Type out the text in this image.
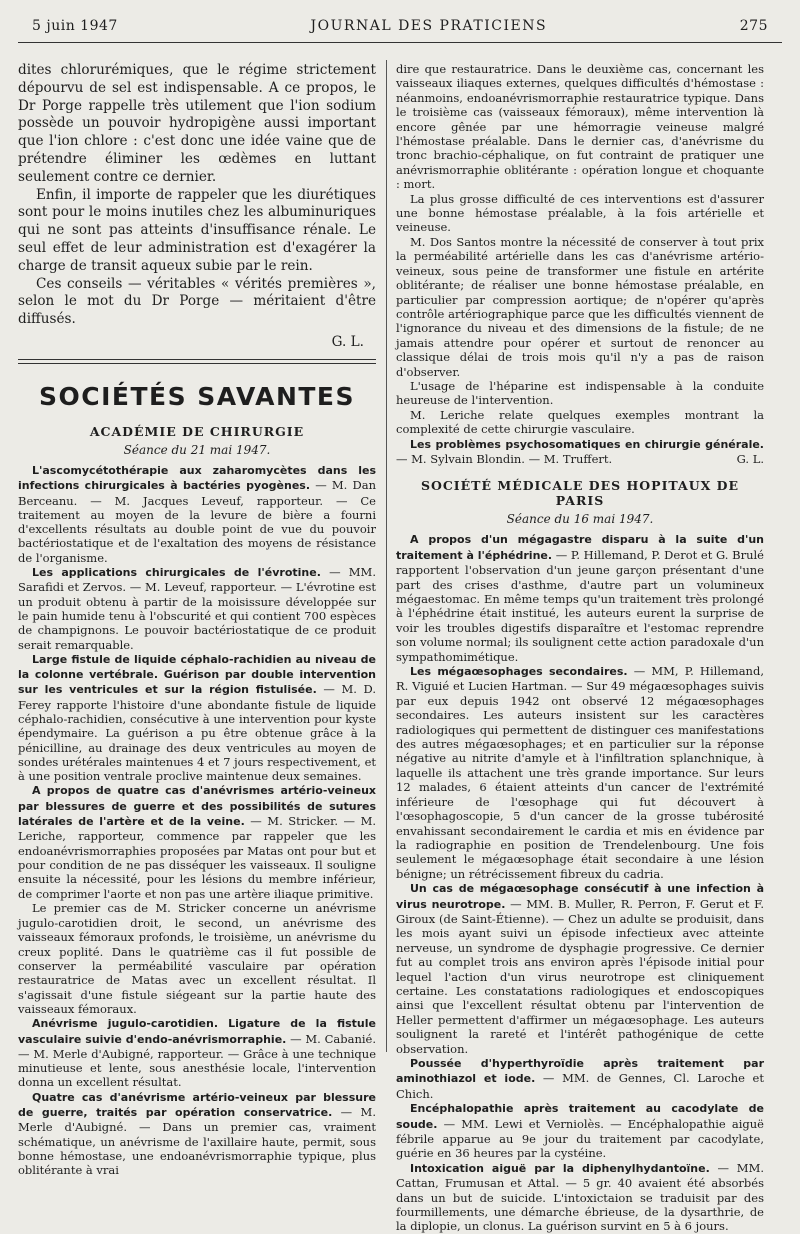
5 juin 1947	JOURNAL DES PRATICIENS	275

dites chlorurémiques, que le régime strictement dépourvu de sel est indispensable. A ce propos, le Dr Porge rappelle très utilement que l'ion sodium possède un pouvoir hydropigène aussi important que l'ion chlore : c'est donc une idée vaine que de prétendre éliminer les œdèmes en luttant seulement contre ce dernier.

Enfin, il importe de rappeler que les diurétiques sont pour le moins inutiles chez les albuminuriques qui ne sont pas atteints d'insuffisance rénale. Le seul effet de leur administration est d'exagérer la charge de transit aqueux subie par le rein.

Ces conseils — véritables « vérités premières », selon le mot du Dr Porge — méritaient d'être diffusés.

G. L.
SOCIÉTÉS SAVANTES
ACADÉMIE DE CHIRURGIE
Séance du 21 mai 1947.

L'ascomycétothérapie aux zaharomycètes dans les infections chirurgicales à bactéries pyogènes. — M. Dan Berceanu. — M. Jacques Leveuf, rapporteur. — Ce traitement au moyen de la levure de bière a fourni d'excellents résultats au double point de vue du pouvoir bactériostatique et de l'exaltation des moyens de résistance de l'organisme.

Les applications chirurgicales de l'évrotine. — MM. Sarafidi et Zervos. — M. Leveuf, rapporteur. — L'évrotine est un produit obtenu à partir de la moisissure développée sur le pain humide tenu à l'obscurité et qui contient 700 espèces de champignons. Le pouvoir bactériostatique de ce produit serait remarquable.

Large fistule de liquide céphalo-rachidien au niveau de la colonne vertébrale. Guérison par double intervention sur les ventricules et sur la région fistulisée. — M. D. Ferey rapporte l'histoire d'une abondante fistule de liquide céphalo-rachidien, consécutive à une intervention pour kyste épendymaire. La guérison a pu être obtenue grâce à la pénicilline, au drainage des deux ventricules au moyen de sondes urétérales maintenues 4 et 7 jours respectivement, et à une position ventrale proclive maintenue deux semaines.

A propos de quatre cas d'anévrismes artério-veineux par blessures de guerre et des possibilités de sutures latérales de l'artère et de la veine. — M. Stricker. — M. Leriche, rapporteur, commence par rappeler que les endoanévrismorraphies proposées par Matas ont pour but et pour condition de ne pas disséquer les vaisseaux. Il souligne ensuite la nécessité, pour les lésions du membre inférieur, de comprimer l'aorte et non pas une artère iliaque primitive.

Le premier cas de M. Stricker concerne un anévrisme jugulo-carotidien droit, le second, un anévrisme des vaisseaux fémoraux profonds, le troisième, un anévrisme du creux poplité. Dans le quatrième cas il fut possible de conserver la perméabilité vasculaire par opération restauratrice de Matas avec un excellent résultat. Il s'agissait d'une fistule siégeant sur la partie haute des vaisseaux fémoraux.

Anévrisme jugulo-carotidien. Ligature de la fistule vasculaire suivie d'endo-anévrismorraphie. — M. Cabanié. — M. Merle d'Aubigné, rapporteur. — Grâce à une technique minutieuse et lente, sous anesthésie locale, l'intervention donna un excellent résultat.

Quatre cas d'anévrisme artério-veineux par blessure de guerre, traités par opération conservatrice. — M. Merle d'Aubigné. — Dans un premier cas, vraiment schématique, un anévrisme de l'axillaire haute, permit, sous bonne hémostase, une endoanévrismorraphie typique, plus oblitérante à vrai

dire que restauratrice. Dans le deuxième cas, concernant les vaisseaux iliaques externes, quelques difficultés d'hémostase : néanmoins, endoanévrismorraphie restauratrice typique. Dans le troisième cas (vaisseaux fémoraux), même intervention là encore gênée par une hémorragie veineuse malgré l'hémostase préalable. Dans le dernier cas, d'anévrisme du tronc brachio-céphalique, on fut contraint de pratiquer une anévrismorraphie oblitérante : opération longue et choquante : mort.

La plus grosse difficulté de ces interventions est d'assurer une bonne hémostase préalable, à la fois artérielle et veineuse.

M. Dos Santos montre la nécessité de conserver à tout prix la perméabilité artérielle dans les cas d'anévrisme artério-veineux, sous peine de transformer une fistule en artérite oblitérante; de réaliser une bonne hémostase préalable, en particulier par compression aortique; de n'opérer qu'après contrôle artériographique parce que les difficultés viennent de l'ignorance du niveau et des dimensions de la fistule; de ne jamais attendre pour opérer et surtout de renoncer au classique délai de trois mois qu'il n'y a pas de raison d'observer.

L'usage de l'héparine est indispensable à la conduite heureuse de l'intervention.

M. Leriche relate quelques exemples montrant la complexité de cette chirurgie vasculaire.

Les problèmes psychosomatiques en chirurgie générale. — M. Sylvain Blondin. — M. Truffert.	G. L.

SOCIÉTÉ MÉDICALE DES HOPITAUX DE PARIS
Séance du 16 mai 1947.

A propos d'un mégagastre disparu à la suite d'un traitement à l'éphédrine. — P. Hillemand, P. Derot et G. Brulé rapportent l'observation d'un jeune garçon présentant d'une part des crises d'asthme, d'autre part un volumineux mégaestomac. En même temps qu'un traitement très prolongé à l'éphédrine était institué, les auteurs eurent la surprise de voir les troubles digestifs disparaître et l'estomac reprendre son volume normal; ils soulignent cette action paradoxale d'un sympathomimétique.

Les mégaœsophages secondaires. — MM, P. Hillemand, R. Viguié et Lucien Hartman. — Sur 49 mégaœsophages suivis par eux depuis 1942 ont observé 12 mégaœsophages secondaires. Les auteurs insistent sur les caractères radiologiques qui permettent de distinguer ces manifestations des autres mégaœsophages; et en particulier sur la réponse négative au nitrite d'amyle et à l'infiltration splanchnique, à laquelle ils attachent une très grande importance. Sur leurs 12 malades, 6 étaient atteints d'un cancer de l'extrémité inférieure de l'œsophage qui fut découvert à l'œsophagoscopie, 5 d'un cancer de la grosse tubérosité envahissant secondairement le cardia et mis en évidence par la radiographie en position de Trendelenbourg. Une fois seulement le mégaœsophage était secondaire à une lésion bénigne; un rétrécissement fibreux du cadria.

Un cas de mégaœsophage consécutif à une infection à virus neurotrope. — MM. B. Muller, R. Perron, F. Gerut et F. Giroux (de Saint-Étienne). — Chez un adulte se produisit, dans les mois ayant suivi un épisode infectieux avec atteinte nerveuse, un syndrome de dysphagie progressive. Ce dernier fut au complet trois ans environ après l'épisode initial pour lequel l'action d'un virus neurotrope est cliniquement certaine. Les constatations radiologiques et endoscopiques ainsi que l'excellent résultat obtenu par l'intervention de Heller permettent d'affirmer un mégaœsophage. Les auteurs soulignent la rareté et l'intérêt pathogénique de cette observation.

Poussée d'hyperthyroïdie après traitement par aminothiazol et iode. — MM. de Gennes, Cl. Laroche et Chich.

Encéphalopathie après traitement au cacodylate de soude. — MM. Lewi et Verniolès. — Encéphalopathie aiguë fébrile apparue au 9e jour du traitement par cacodylate, guérie en 36 heures par la cystéine.

Intoxication aiguë par la diphenylhydantoïne. — MM. Cattan, Frumusan et Attal. — 5 gr. 40 avaient été absorbés dans un but de suicide. L'intoxictaion se traduisit par des fourmillements, une démarche ébrieuse, de la dysarthrie, de la diplopie, un clonus. La guérison survint en 5 à 6 jours.
